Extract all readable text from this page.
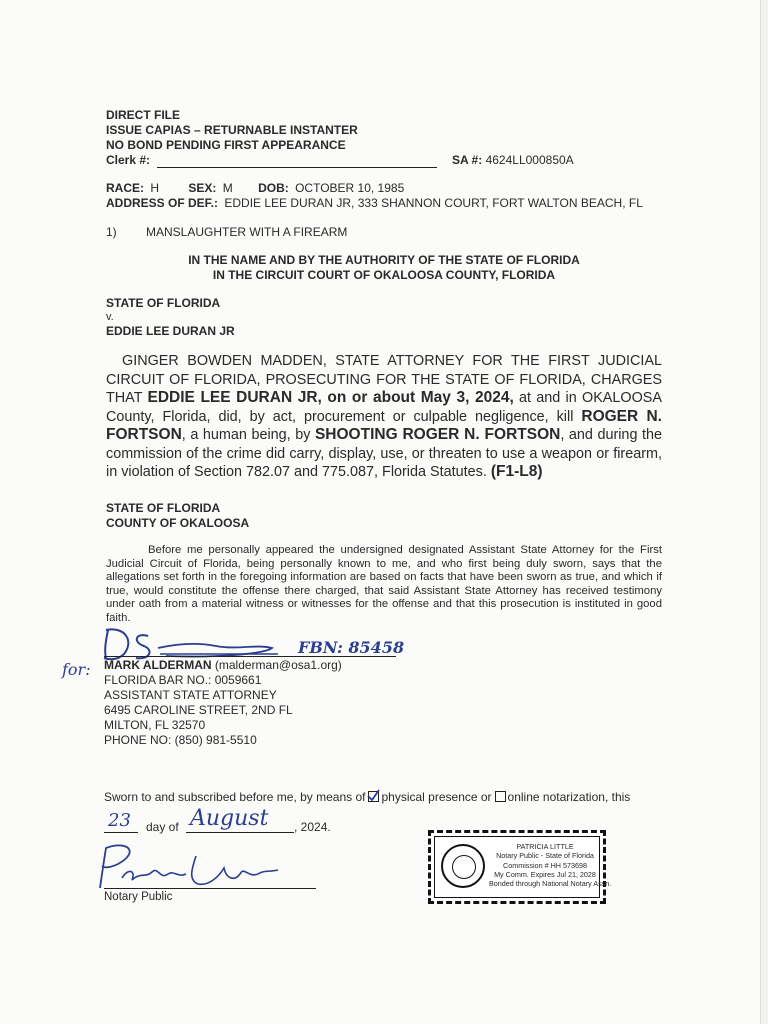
DIRECT FILE
ISSUE CAPIAS – RETURNABLE INSTANTER
NO BOND PENDING FIRST APPEARANCE
Clerk #:	SA #: 4624LL000850A
RACE: H SEX: M DOB: OCTOBER 10, 1985
ADDRESS OF DEF.: EDDIE LEE DURAN JR, 333 SHANNON COURT, FORT WALTON BEACH, FL
1) MANSLAUGHTER WITH A FIREARM
IN THE NAME AND BY THE AUTHORITY OF THE STATE OF FLORIDA
IN THE CIRCUIT COURT OF OKALOOSA COUNTY, FLORIDA
STATE OF FLORIDA
v.
EDDIE LEE DURAN JR
GINGER BOWDEN MADDEN, STATE ATTORNEY FOR THE FIRST JUDICIAL CIRCUIT OF FLORIDA, PROSECUTING FOR THE STATE OF FLORIDA, CHARGES THAT EDDIE LEE DURAN JR, on or about May 3, 2024, at and in OKALOOSA County, Florida, did, by act, procurement or culpable negligence, kill ROGER N. FORTSON, a human being, by SHOOTING ROGER N. FORTSON, and during the commission of the crime did carry, display, use, or threaten to use a weapon or firearm, in violation of Section 782.07 and 775.087, Florida Statutes. (F1-L8)
STATE OF FLORIDA
COUNTY OF OKALOOSA
Before me personally appeared the undersigned designated Assistant State Attorney for the First Judicial Circuit of Florida, being personally known to me, and who first being duly sworn, says that the allegations set forth in the foregoing information are based on facts that have been sworn as true, and which if true, would constitute the offense there charged, that said Assistant State Attorney has received testimony under oath from a material witness or witnesses for the offense and that this prosecution is instituted in good faith.
FBN: 85458
for: MARK ALDERMAN (malderman@osa1.org)
FLORIDA BAR NO.: 0059661
ASSISTANT STATE ATTORNEY
6495 CAROLINE STREET, 2ND FL
MILTON, FL 32570
PHONE NO: (850) 981-5510
Sworn to and subscribed before me, by means of physical presence or online notarization, this
23 day of August , 2024.
Notary Public
PATRICIA LITTLE
Notary Public - State of Florida
Commission # HH 573698
My Comm. Expires Jul 21, 2028
Bonded through National Notary Assn.
